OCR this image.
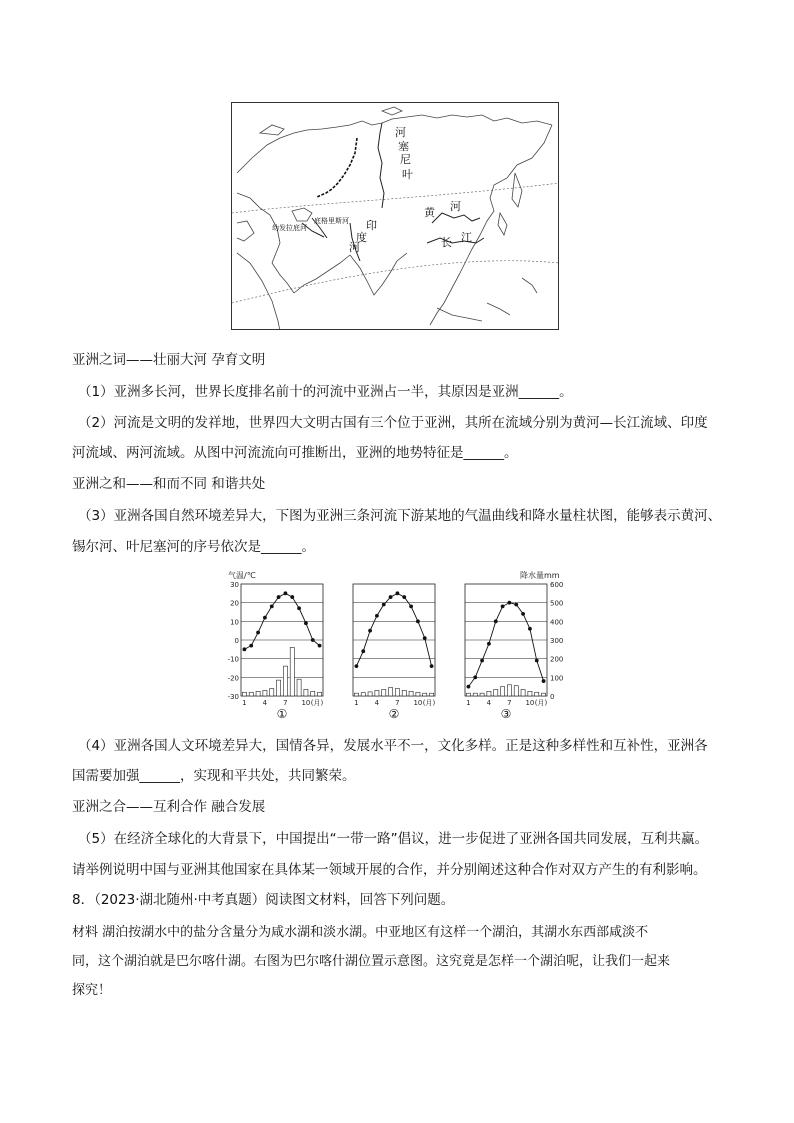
河
塞
尼
叶
黄 河
长 江
印
度
河
底格里斯河
幼发拉底河
亚洲之词——壮丽大河 孕育文明
（1）亚洲多长河，世界长度排名前十的河流中亚洲占一半，其原因是亚洲______。
（2）河流是文明的发祥地，世界四大文明古国有三个位于亚洲，其所在流域分别为黄河—长江流域、印度
河流域、两河流域。从图中河流流向可推断出，亚洲的地势特征是______。
亚洲之和——和而不同 和谐共处
（3）亚洲各国自然环境差异大，下图为亚洲三条河流下游某地的气温曲线和降水量柱状图，能够表示黄河、
锡尔河、叶尼塞河的序号依次是______。
气温/℃	降水量mm
30
20
10
0
-10
-20
-30
600
500
400
300
200
100
0
1 4 7 10 (月)
①
1 4 7 10 (月)
②
1 4 7 10 (月)
③
（4）亚洲各国人文环境差异大，国情各异，发展水平不一，文化多样。正是这种多样性和互补性，亚洲各
国需要加强______，实现和平共处，共同繁荣。
亚洲之合——互利合作 融合发展
（5）在经济全球化的大背景下，中国提出“一带一路”倡议，进一步促进了亚洲各国共同发展，互利共赢。
请举例说明中国与亚洲其他国家在具体某一领域开展的合作，并分别阐述这种合作对双方产生的有利影响。
8．（2023·湖北随州·中考真题）阅读图文材料，回答下列问题。
材料 湖泊按湖水中的盐分含量分为咸水湖和淡水湖。中亚地区有这样一个湖泊，其湖水东西部咸淡不
同，这个湖泊就是巴尔喀什湖。右图为巴尔喀什湖位置示意图。这究竟是怎样一个湖泊呢，让我们一起来
探究！
